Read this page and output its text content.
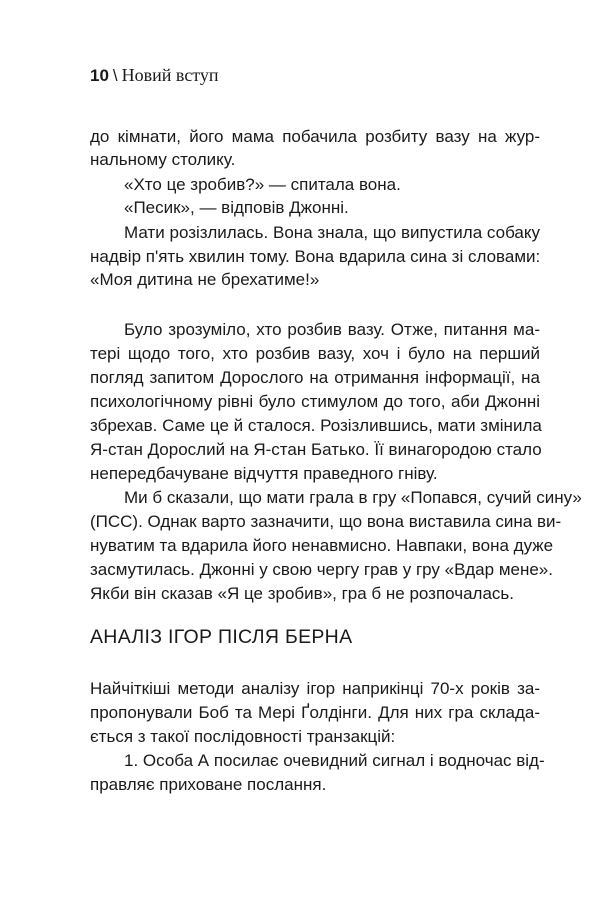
10 \ Новий вступ
до кімнати, його мама побачила розбиту вазу на жур-
нальному столику.
«Хто це зробив?» — спитала вона.
«Песик», — відповів Джонні.
Мати розізлилась. Вона знала, що випустила собаку
надвір п'ять хвилин тому. Вона вдарила сина зі словами:
«Моя дитина не брехатиме!»
Було зрозуміло, хто розбив вазу. Отже, питання ма-
тері щодо того, хто розбив вазу, хоч і було на перший
погляд запитом Дорослого на отримання інформації, на
психологічному рівні було стимулом до того, аби Джонні
збрехав. Саме це й сталося. Розізлившись, мати змінила
Я-стан Дорослий на Я-стан Батько. Її винагородою стало
непередбачуване відчуття праведного гніву.
Ми б сказали, що мати грала в гру «Попався, сучий сину»
(ПСС). Однак варто зазначити, що вона виставила сина ви-
нуватим та вдарила його ненавмисно. Навпаки, вона дуже
засмутилась. Джонні у свою чергу грав у гру «Вдар мене».
Якби він сказав «Я це зробив», гра б не розпочалась.
АНАЛІЗ ІГОР ПІСЛЯ БЕРНА
Найчіткіші методи аналізу ігор наприкінці 70-х років за-
пропонували Боб та Мері Ґолдінги. Для них гра склада-
ється з такої послідовності транзакцій:
1. Особа А посилає очевидний сигнал і водночас від-
правляє приховане послання.
